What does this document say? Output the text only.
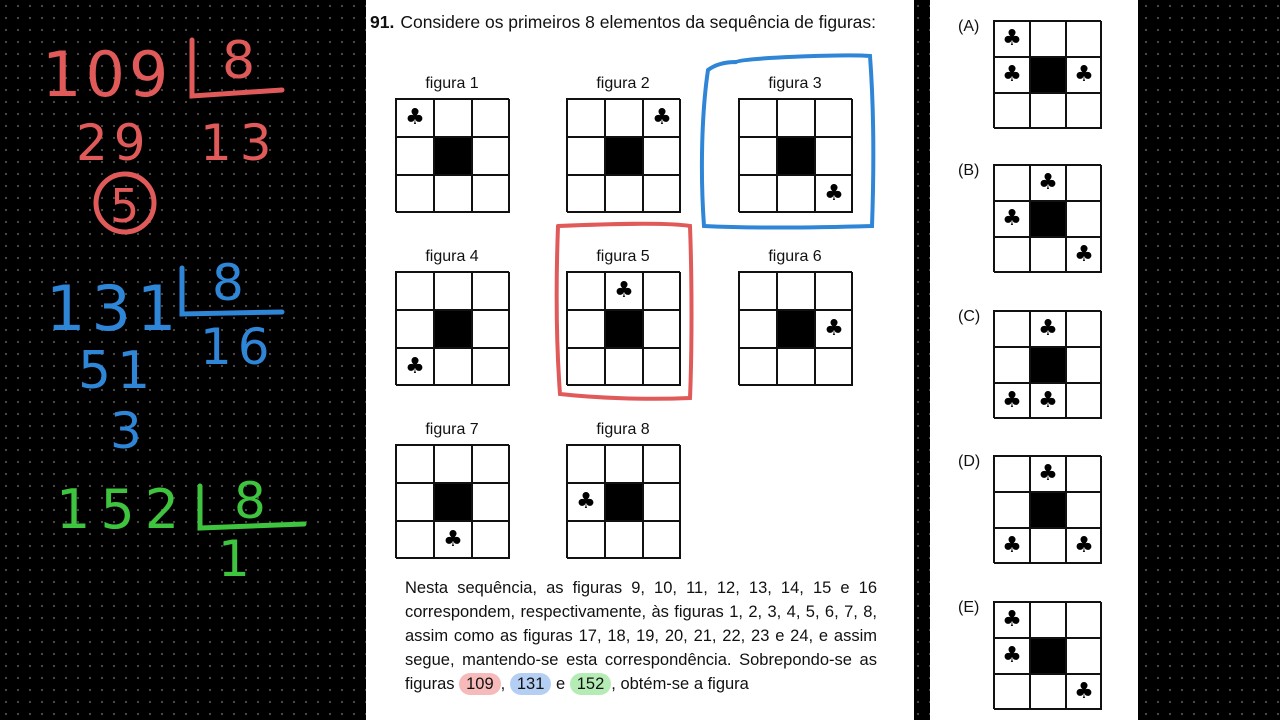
109 8
29 13
5
131 8
16
51
3
152 8
1
91. Considere os primeiros 8 elementos da sequência de figuras:
figura 1
♣
figura 2
♣
figura 3
♣
figura 4
♣
figura 5
♣
figura 6
♣
figura 7
♣
figura 8
♣
Nesta sequência, as figuras 9, 10, 11, 12, 13, 14, 15 e 16 correspondem, respectivamente, às figuras 1, 2, 3, 4, 5, 6, 7, 8, assim como as figuras 17, 18, 19, 20, 21, 22, 23 e 24, e assim segue, mantendo-se esta correspondência. Sobrepondo-se as figuras 109 , 131 e 152 , obtém-se a figura
(A) ♣
♣ ♣
(B)	♣
♣
♣
(C)	♣
♣ ♣
(D)	♣
♣ ♣
(E) ♣
♣
♣
